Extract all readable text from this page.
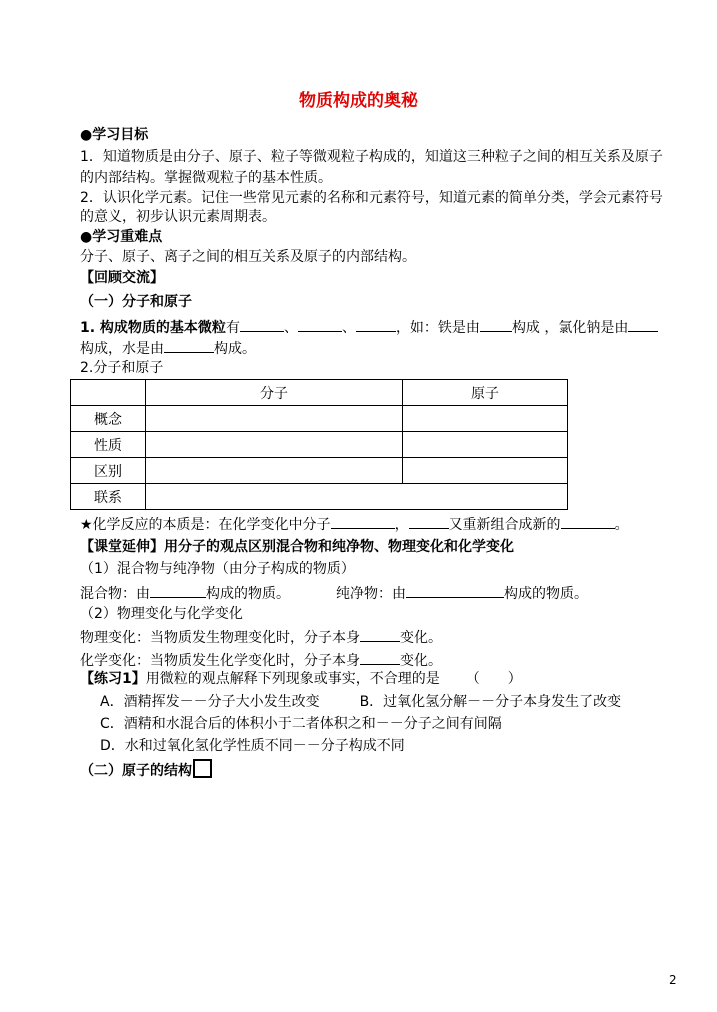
物质构成的奥秘
●学习目标
1．知道物质是由分子、原子、粒子等微观粒子构成的，知道这三种粒子之间的相互关系及原子
的内部结构。掌握微观粒子的基本性质。
2．认识化学元素。记住一些常见元素的名称和元素符号，知道元素的简单分类，学会元素符号
的意义，初步认识元素周期表。
●学习重难点
分子、原子、离子之间的相互关系及原子的内部结构。
【回顾交流】
（一）分子和原子
1. 构成物质的基本微粒有	、	、	，如：铁是由 构成 ，氯化钠是由
构成，水是由	构成。
2.分子和原子
	分子	原子
概念		
性质		
区别		
联系		
★化学反应的本质是：在化学变化中分子	，	又重新组合成新的	。
【课堂延伸】用分子的观点区别混合物和纯净物、物理变化和化学变化
（1）混合物与纯净物（由分子构成的物质）
混合物：由	构成的物质。	纯净物：由	构成的物质。
（2）物理变化与化学变化
物理变化：当物质发生物理变化时，分子本身	变化。
化学变化：当物质发生化学变化时，分子本身	变化。
【练习1】用微粒的观点解释下列现象或事实，不合理的是 （　　）
A．酒精挥发－－分子大小发生改变	B．过氧化氢分解－－分子本身发生了改变
C．酒精和水混合后的体积小于二者体积之和－－分子之间有间隔
D．水和过氧化氢化学性质不同－－分子构成不同
（二）原子的结构
2
